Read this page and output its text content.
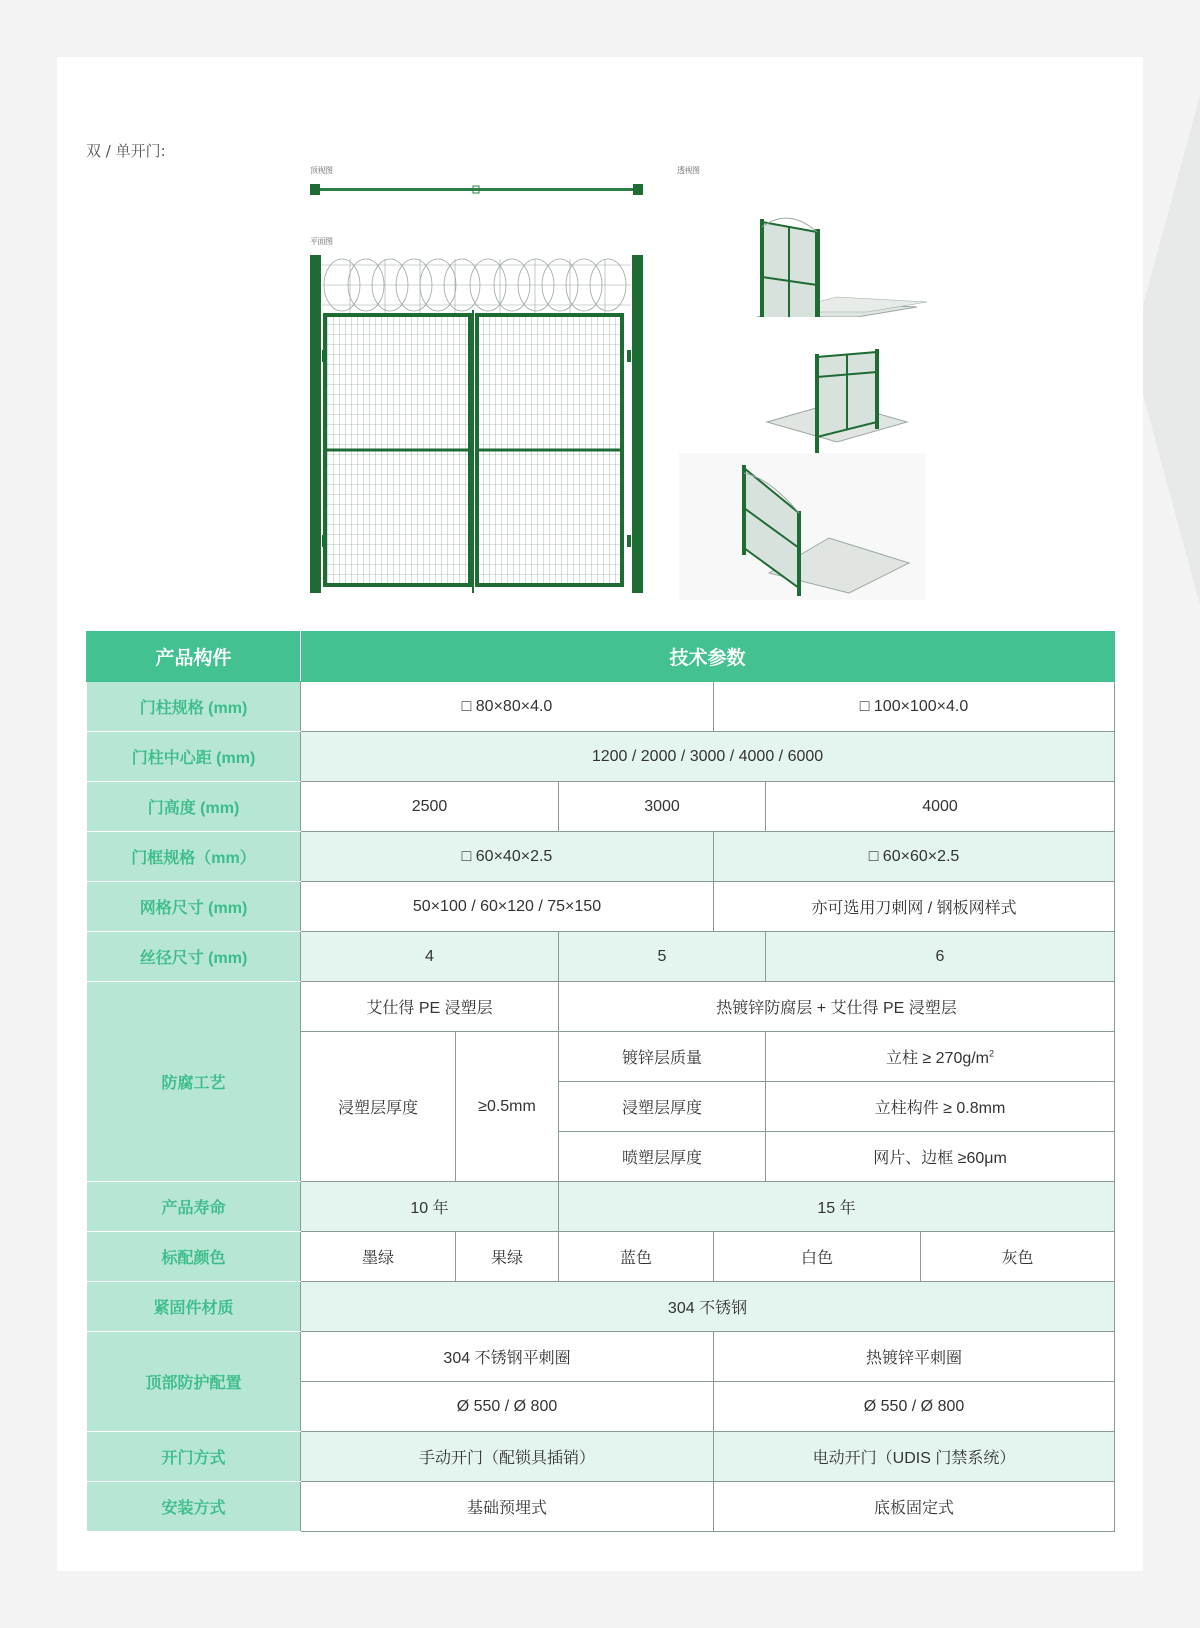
双 / 单开门:
顶视图
平面图
透视图
产品构件	技术参数					
门柱规格 (mm)	□ 80×80×4.0			□ 100×100×4.0		
门柱中心距 (mm)	1200 / 2000 / 3000 / 4000 / 6000					
门高度 (mm)	2500		3000		4000	
门框规格（mm）	□ 60×40×2.5			□ 60×60×2.5		
网格尺寸 (mm)	50×100 / 60×120 / 75×150			亦可选用刀刺网 / 钢板网样式		
丝径尺寸 (mm)	4		5		6	
防腐工艺	艾仕得 PE 浸塑层		热镀锌防腐层 + 艾仕得 PE 浸塑层			
	浸塑层厚度	≥0.5mm	镀锌层质量		立柱 ≥ $270g/m^2$
			浸塑层厚度		立柱构件 ≥ 0.8mm	
			喷塑层厚度		网片、边框 ≥60μm	
产品寿命	10 年		15 年			
标配颜色	墨绿	果绿	蓝色	白色		灰色
紧固件材质	304 不锈钢					
顶部防护配置	304 不锈钢平刺圈			热镀锌平刺圈		
	Ø 550 / Ø 800			Ø 550 / Ø 800		
开门方式	手动开门（配锁具插销）			电动开门（UDIS 门禁系统）		
安装方式	基础预埋式			底板固定式		
